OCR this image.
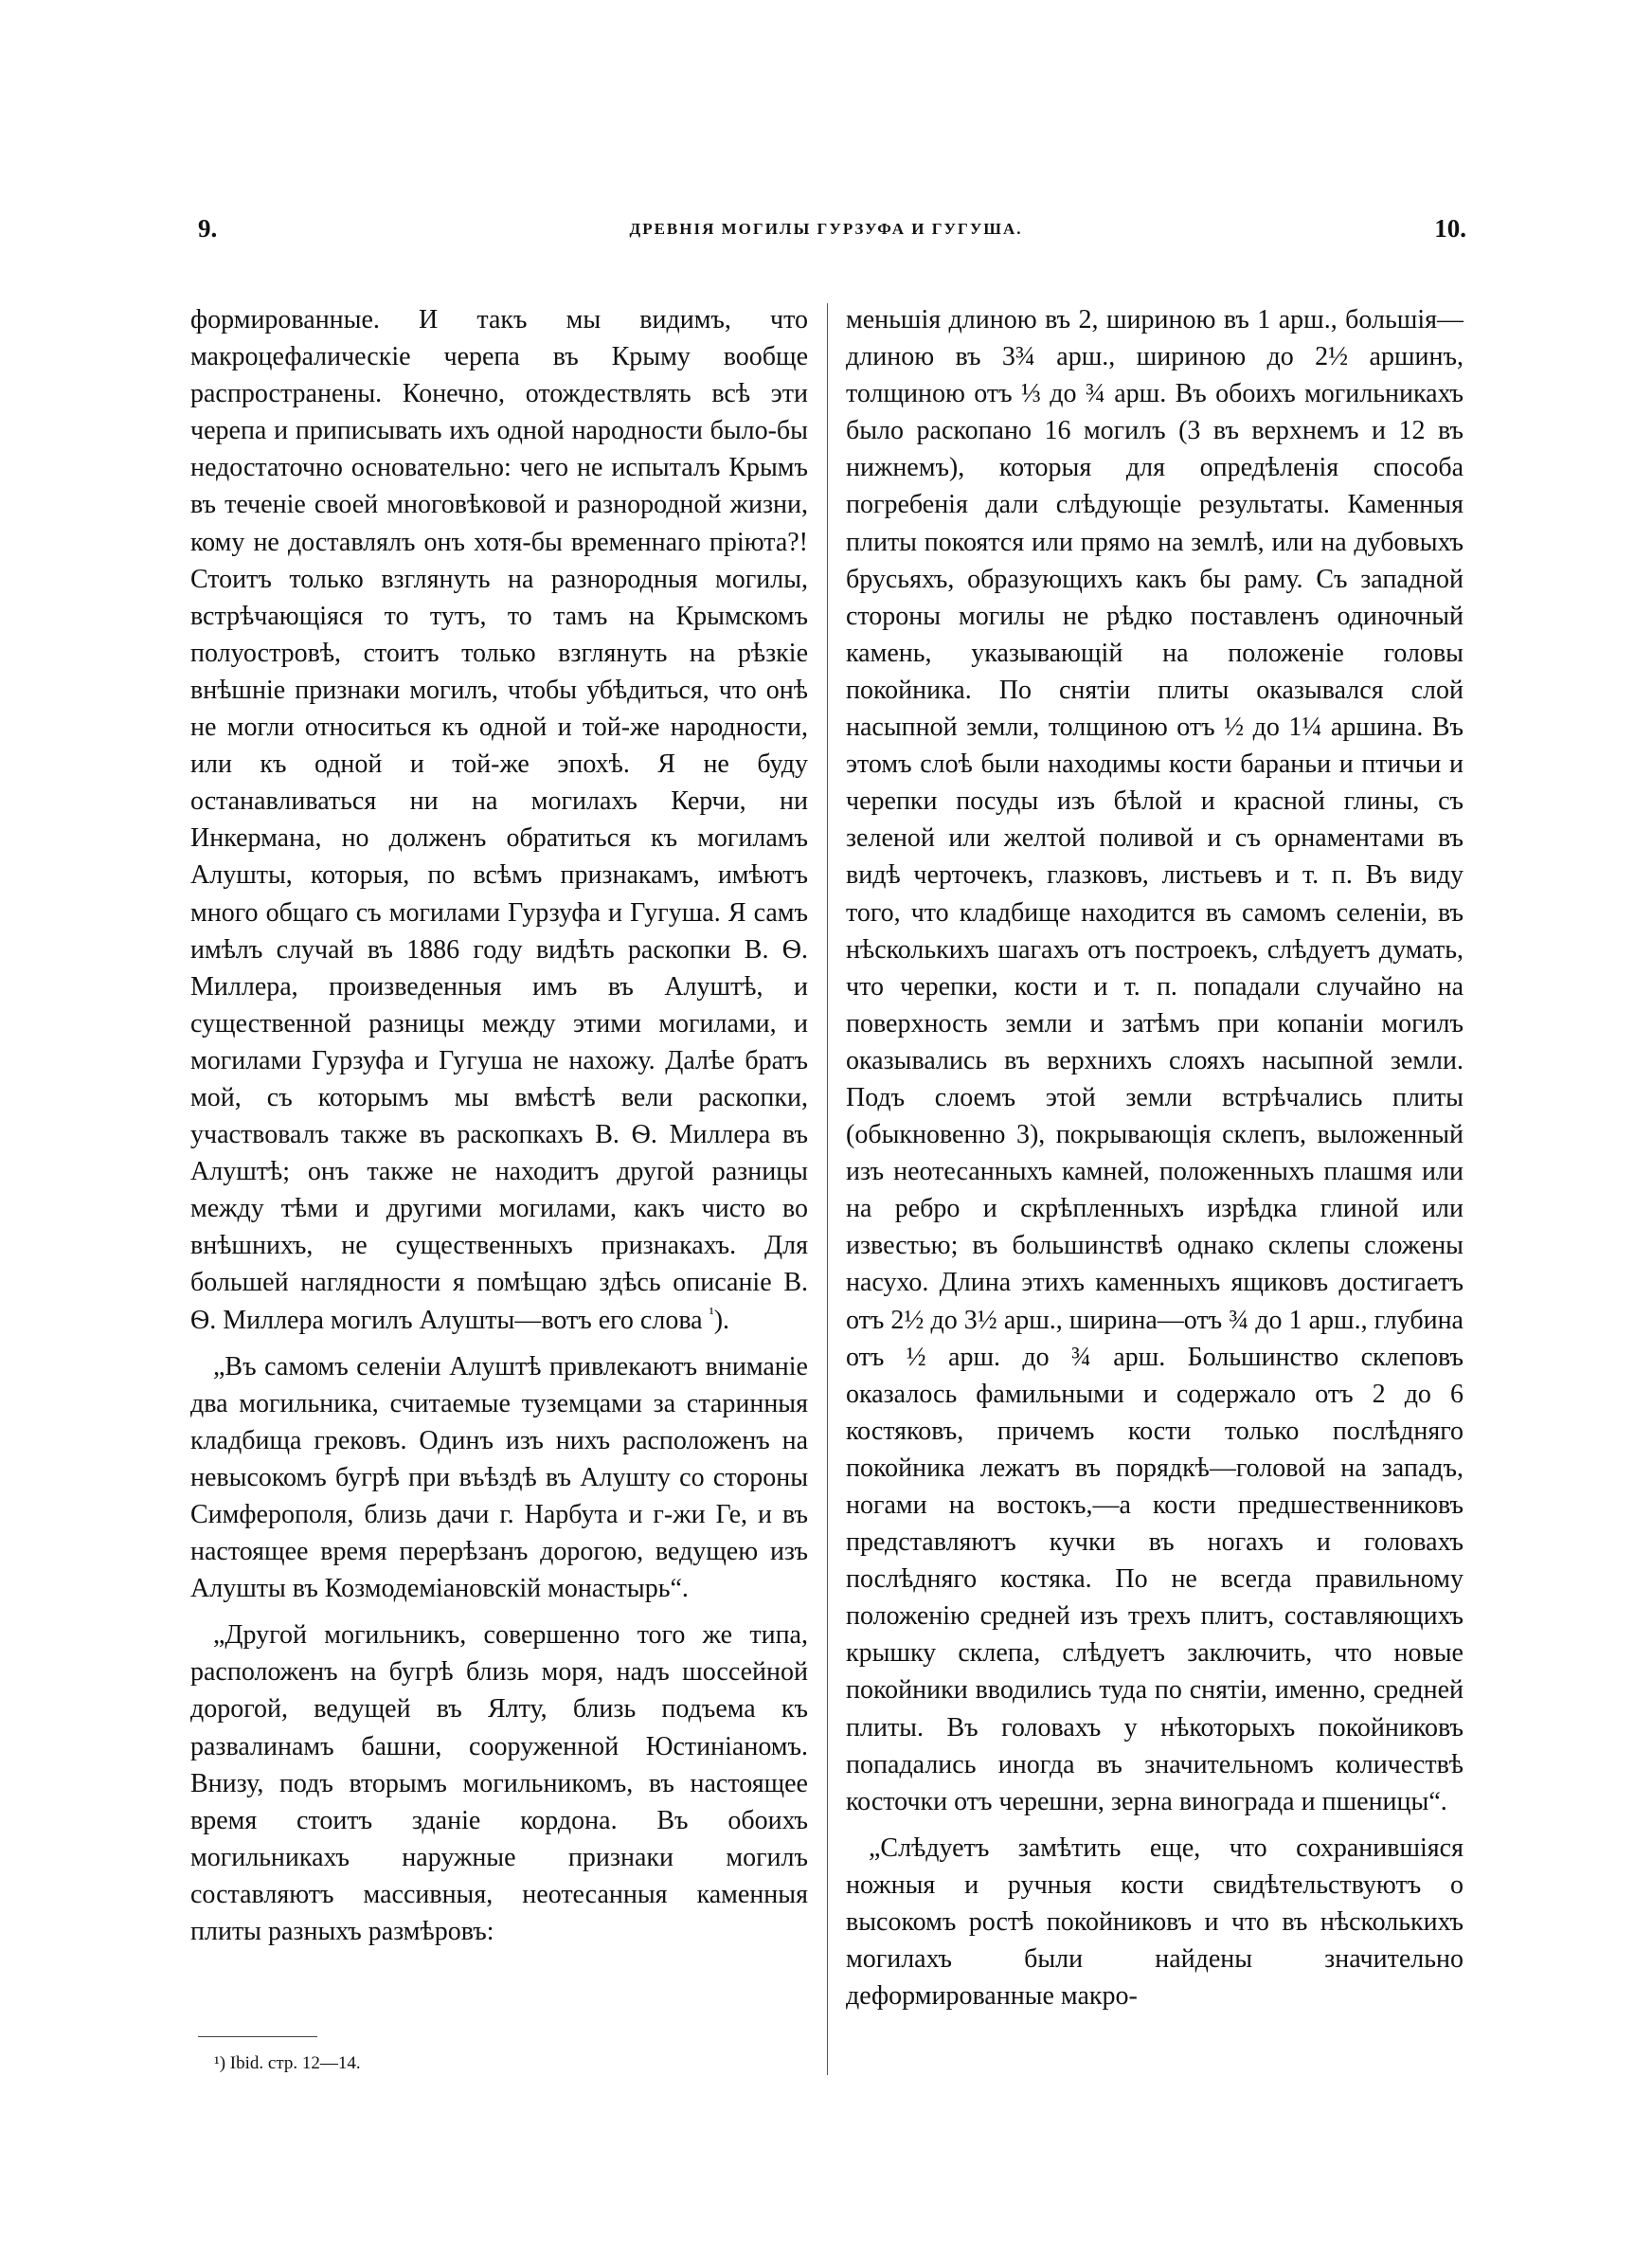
9.	ДРЕВНІЯ МОГИЛЫ ГУРЗУФА И ГУГУША.	10.

формированные. И такъ мы видимъ, что макроцефалическіе черепа въ Крыму вообще распространены. Конечно, отождествлять всѣ эти черепа и приписывать ихъ одной народности было-бы недостаточно основательно: чего не испыталъ Крымъ въ теченіе своей многовѣковой и разнородной жизни, кому не доставлялъ онъ хотя-бы временнаго пріюта?! Стоитъ только взглянуть на разнородныя могилы, встрѣчающіяся то тутъ, то тамъ на Крымскомъ полуостровѣ, стоитъ только взглянуть на рѣзкіе внѣшніе признаки могилъ, чтобы убѣдиться, что онѣ не могли относиться къ одной и той-же народности, или къ одной и той-же эпохѣ. Я не буду останавливаться ни на могилахъ Керчи, ни Инкермана, но долженъ обратиться къ могиламъ Алушты, которыя, по всѣмъ признакамъ, имѣютъ много общаго съ могилами Гурзуфа и Гугуша. Я самъ имѣлъ случай въ 1886 году видѣть раскопки В. Ѳ. Миллера, произведенныя имъ въ Алуштѣ, и существенной разницы между этими могилами, и могилами Гурзуфа и Гугуша не нахожу. Далѣе братъ мой, съ которымъ мы вмѣстѣ вели раскопки, участвовалъ также въ раскопкахъ В. Ѳ. Миллера въ Алуштѣ; онъ также не находитъ другой разницы между тѣми и другими могилами, какъ чисто во внѣшнихъ, не существенныхъ признакахъ. Для большей наглядности я помѣщаю здѣсь описаніе В. Ѳ. Миллера могилъ Алушты—вотъ его слова $^{^1}$).

„Въ самомъ селеніи Алуштѣ привлекаютъ вниманіе два могильника, считаемые туземцами за старинныя кладбища грековъ. Одинъ изъ нихъ расположенъ на невысокомъ бугрѣ при въѣздѣ въ Алушту со стороны Симферополя, близь дачи г. Нарбута и г-жи Ге, и въ настоящее время перерѣзанъ дорогою, ведущею изъ Алушты въ Козмодеміановскій монастырь“.

„Другой могильникъ, совершенно того же типа, расположенъ на бугрѣ близь моря, надъ шоссейной дорогой, ведущей въ Ялту, близь подъема къ развалинамъ башни, сооруженной Юстиніаномъ. Внизу, подъ вторымъ могильникомъ, въ настоящее время стоитъ зданіе кордона. Въ обоихъ могильникахъ наружные признаки могилъ составляютъ массивныя, неотесанныя каменныя плиты разныхъ размѣровъ:

меньшія длиною въ 2, шириною въ 1 арш., большія—длиною въ 3¾ арш., шириною до 2½ аршинъ, толщиною отъ ⅓ до ¾ арш. Въ обоихъ могильникахъ было раскопано 16 могилъ (3 въ верхнемъ и 12 въ нижнемъ), которыя для опредѣленія способа погребенія дали слѣдующіе результаты. Каменныя плиты покоятся или прямо на землѣ, или на дубовыхъ брусьяхъ, образующихъ какъ бы раму. Съ западной стороны могилы не рѣдко поставленъ одиночный камень, указывающій на положеніе головы покойника. По снятіи плиты оказывался слой насыпной земли, толщиною отъ ½ до 1¼ аршина. Въ этомъ слоѣ были находимы кости бараньи и птичьи и черепки посуды изъ бѣлой и красной глины, съ зеленой или желтой поливой и съ орнаментами въ видѣ черточекъ, глазковъ, листьевъ и т. п. Въ виду того, что кладбище находится въ самомъ селеніи, въ нѣсколькихъ шагахъ отъ построекъ, слѣдуетъ думать, что черепки, кости и т. п. попадали случайно на поверхность земли и затѣмъ при копаніи могилъ оказывались въ верхнихъ слояхъ насыпной земли. Подъ слоемъ этой земли встрѣчались плиты (обыкновенно 3), покрывающія склепъ, выложенный изъ неотесанныхъ камней, положенныхъ плашмя или на ребро и скрѣпленныхъ изрѣдка глиной или известью; въ большинствѣ однако склепы сложены насухо. Длина этихъ каменныхъ ящиковъ достигаетъ отъ 2½ до 3½ арш., ширина—отъ ¾ до 1 арш., глубина отъ ½ арш. до ¾ арш. Большинство склеповъ оказалось фамильными и содержало отъ 2 до 6 костяковъ, причемъ кости только послѣдняго покойника лежатъ въ порядкѣ—головой на западъ, ногами на востокъ,—а кости предшественниковъ представляютъ кучки въ ногахъ и головахъ послѣдняго костяка. По не всегда правильному положенію средней изъ трехъ плитъ, составляющихъ крышку склепа, слѣдуетъ заключить, что новые покойники вводились туда по снятіи, именно, средней плиты. Въ головахъ у нѣкоторыхъ покойниковъ попадались иногда въ значительномъ количествѣ косточки отъ черешни, зерна винограда и пшеницы“.

„Слѣдуетъ замѣтить еще, что сохранившіяся ножныя и ручныя кости свидѣтельствуютъ о высокомъ ростѣ покойниковъ и что въ нѣсколькихъ могилахъ были найдены значительно деформированные макро-

¹) Ibid. стр. 12—14.
